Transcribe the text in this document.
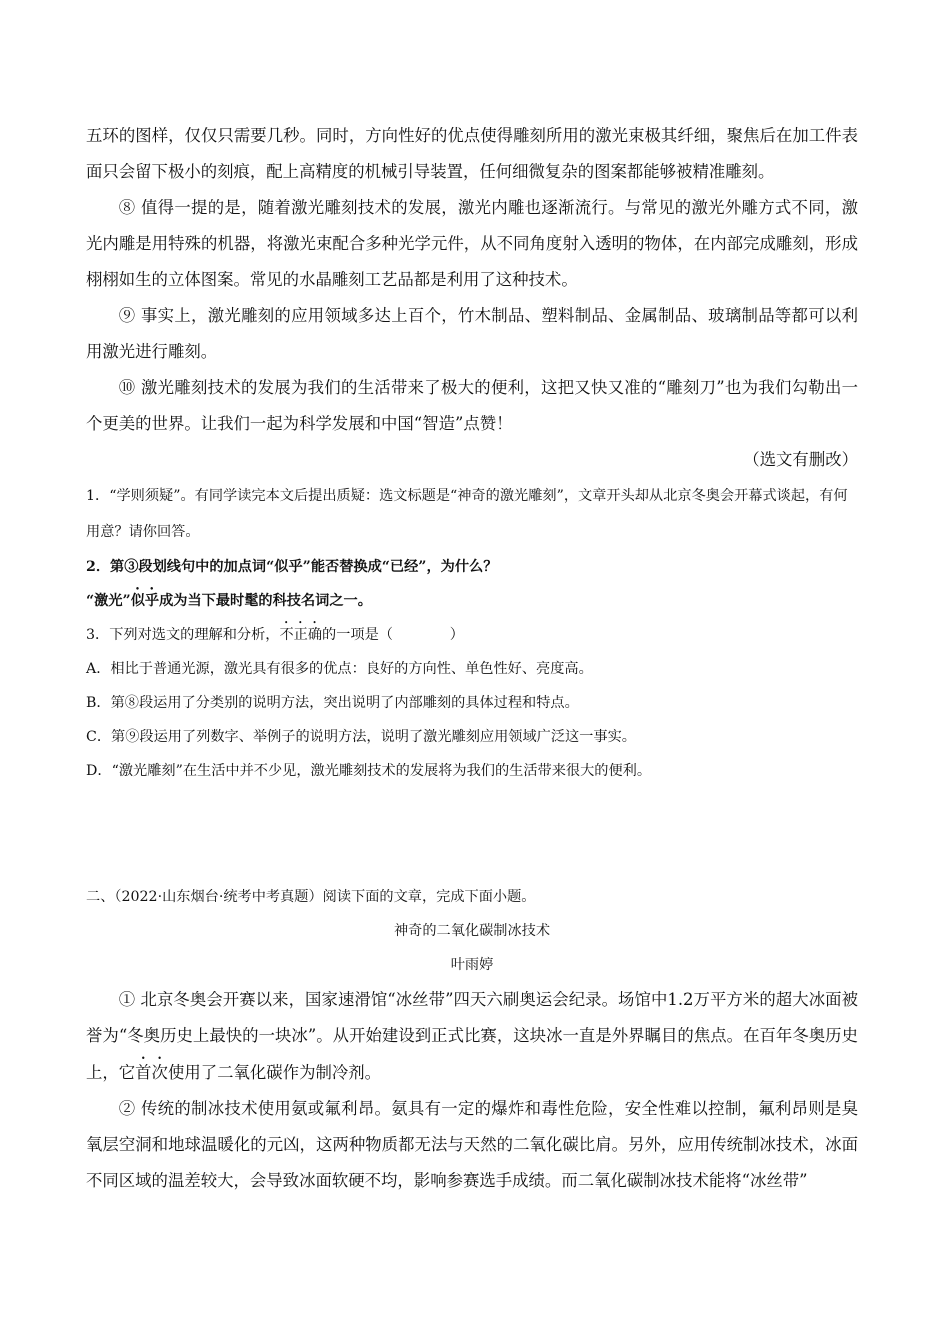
五环的图样，仅仅只需要几秒。同时，方向性好的优点使得雕刻所用的激光束极其纤细，聚焦后在加工件表面只会留下极小的刻痕，配上高精度的机械引导装置，任何细微复杂的图案都能够被精准雕刻。

⑧ 值得一提的是，随着激光雕刻技术的发展，激光内雕也逐渐流行。与常见的激光外雕方式不同，激光内雕是用特殊的机器，将激光束配合多种光学元件，从不同角度射入透明的物体，在内部完成雕刻，形成栩栩如生的立体图案。常见的水晶雕刻工艺品都是利用了这种技术。

⑨ 事实上，激光雕刻的应用领域多达上百个，竹木制品、塑料制品、金属制品、玻璃制品等都可以利用激光进行雕刻。

⑩ 激光雕刻技术的发展为我们的生活带来了极大的便利，这把又快又准的“雕刻刀”也为我们勾勒出一个更美的世界。让我们一起为科学发展和中国“智造”点赞！

（选文有删改）

1．“学则须疑”。有同学读完本文后提出质疑：选文标题是“神奇的激光雕刻”，文章开头却从北京冬奥会开幕式谈起，有何用意？请你回答。

2．第③段划线句中的加点词“似乎”能否替换成“已经”，为什么？

“激光”似乎成为当下最时髦的科技名词之一。

3．下列对选文的理解和分析，不正确的一项是（　　　　）

A．相比于普通光源，激光具有很多的优点：良好的方向性、单色性好、亮度高。

B．第⑧段运用了分类别的说明方法，突出说明了内部雕刻的具体过程和特点。

C．第⑨段运用了列数字、举例子的说明方法，说明了激光雕刻应用领域广泛这一事实。

D．“激光雕刻”在生活中并不少见，激光雕刻技术的发展将为我们的生活带来很大的便利。

二、（2022·山东烟台·统考中考真题）阅读下面的文章，完成下面小题。

神奇的二氧化碳制冰技术

叶雨婷

① 北京冬奥会开赛以来，国家速滑馆“冰丝带”四天六刷奥运会纪录。场馆中1.2万平方米的超大冰面被誉为“冬奥历史上最快的一块冰”。从开始建设到正式比赛，这块冰一直是外界瞩目的焦点。在百年冬奥历史上，它首次使用了二氧化碳作为制冷剂。

② 传统的制冰技术使用氨或氟利昂。氨具有一定的爆炸和毒性危险，安全性难以控制，氟利昂则是臭氧层空洞和地球温暖化的元凶，这两种物质都无法与天然的二氧化碳比肩。另外，应用传统制冰技术，冰面不同区域的温差较大，会导致冰面软硬不均，影响参赛选手成绩。而二氧化碳制冰技术能将“冰丝带”
